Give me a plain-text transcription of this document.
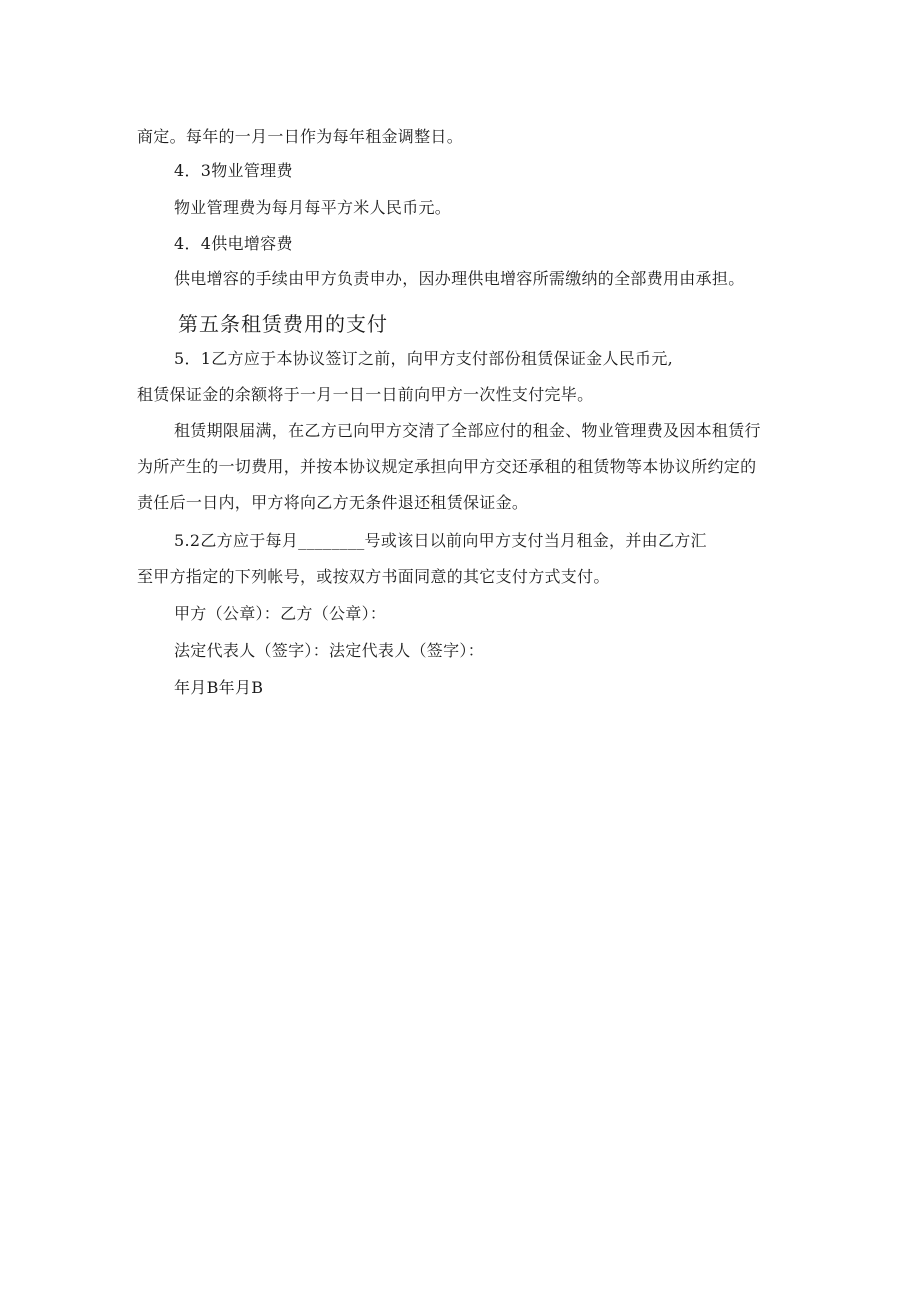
商定。每年的一月一日作为每年租金调整日。
4．3物业管理费
物业管理费为每月每平方米人民币元。
4．4供电增容费
供电增容的手续由甲方负责申办，因办理供电增容所需缴纳的全部费用由承担。
第五条租赁费用的支付
5．1乙方应于本协议签订之前，向甲方支付部份租赁保证金人民币元,
租赁保证金的余额将于一月一日一日前向甲方一次性支付完毕。
租赁期限届满，在乙方已向甲方交清了全部应付的租金、物业管理费及因本租赁行
为所产生的一切费用，并按本协议规定承担向甲方交还承租的租赁物等本协议所约定的
责任后一日内，甲方将向乙方无条件退还租赁保证金。
5.2乙方应于每月________号或该日以前向甲方支付当月租金，并由乙方汇
至甲方指定的下列帐号，或按双方书面同意的其它支付方式支付。
甲方（公章）：乙方（公章）：
法定代表人（签字）：法定代表人（签字）：
年月B年月B
